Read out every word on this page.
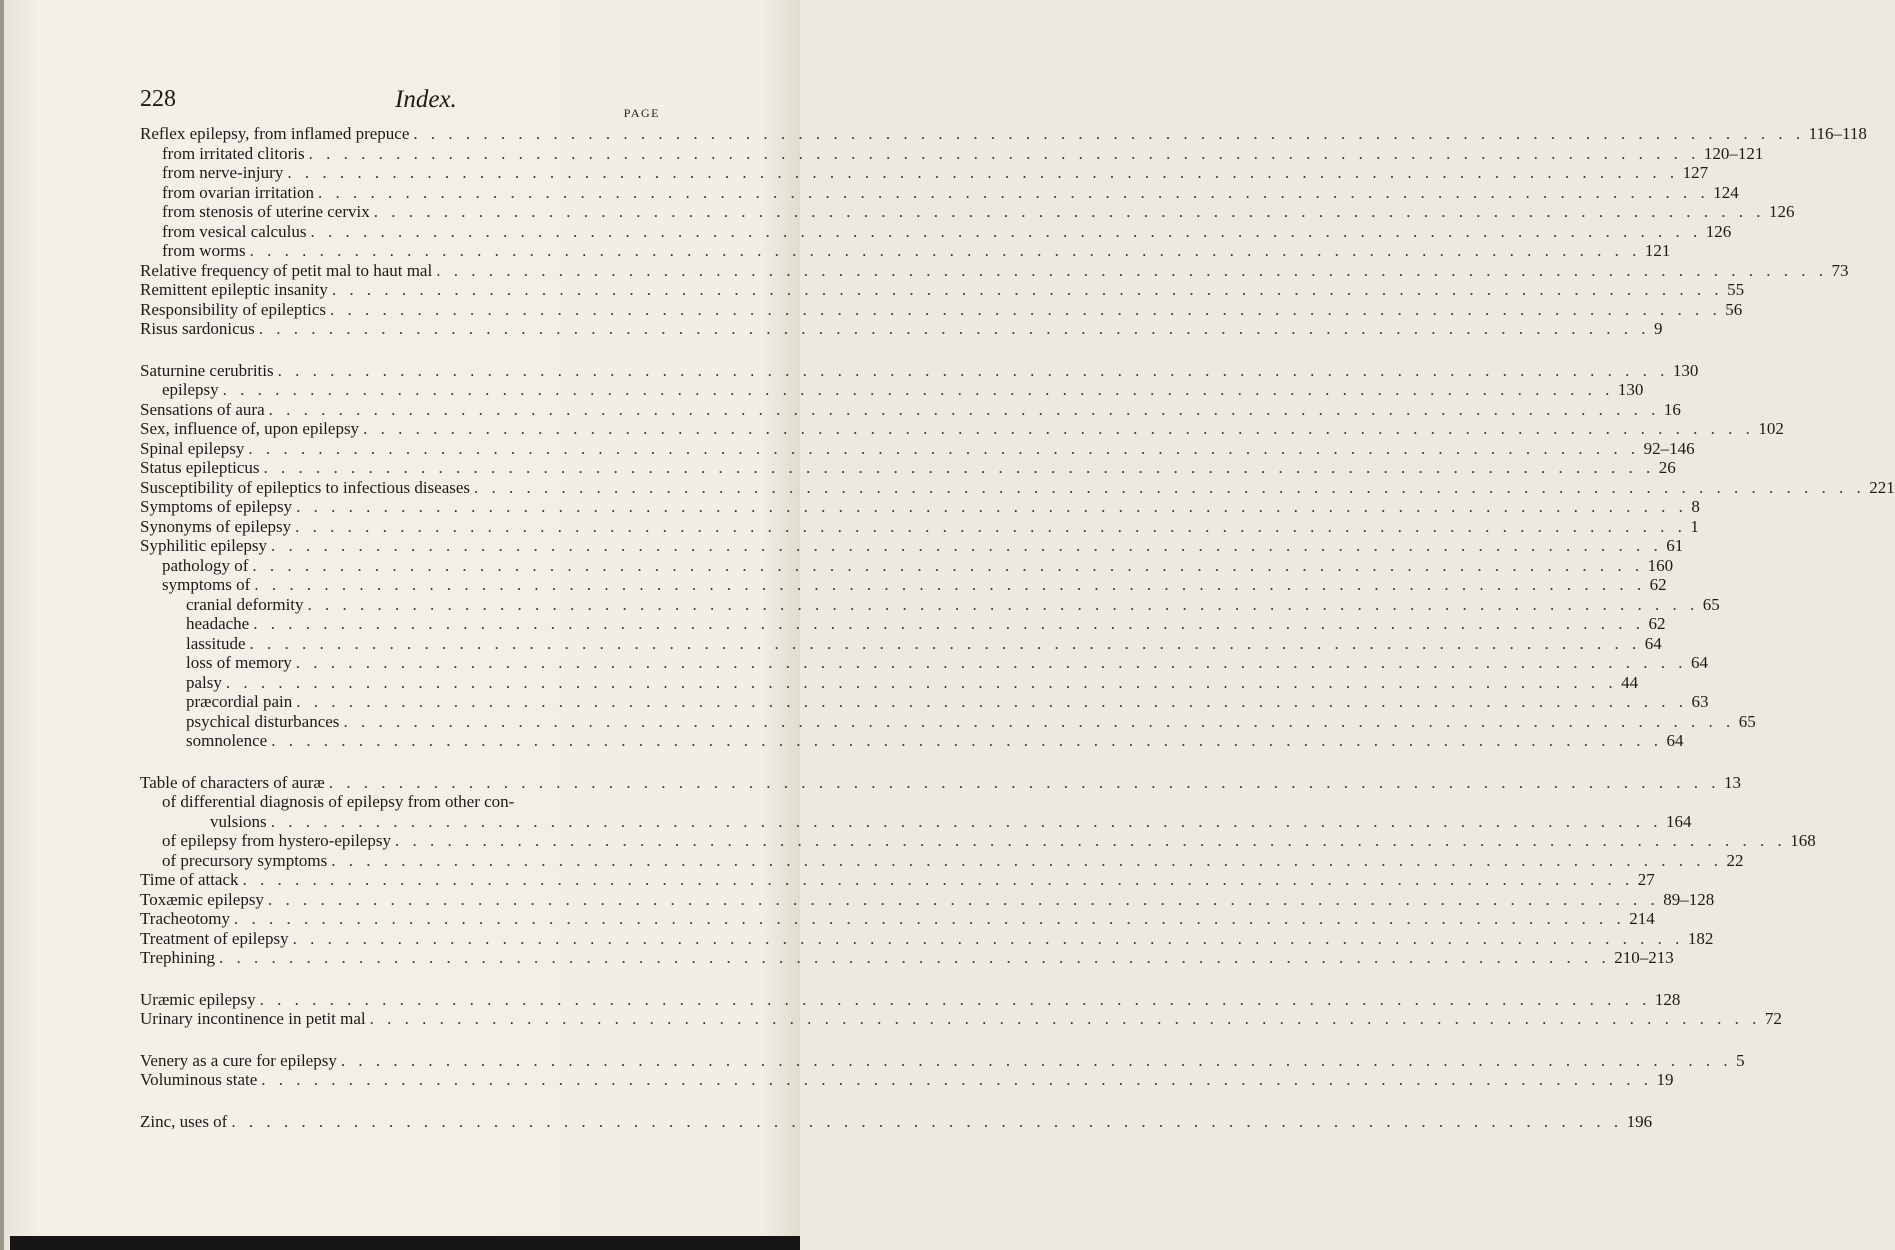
228	Index.	PAGE
Reflex epilepsy, from inflamed prepuce . . . . . . . . . . . . . . . . . . . . . . . . . . . . . . . . . . . . . . . . . . . . . . . . . . . . . . . . . . . . . . . . . . . . . . . . . . . . . . . . 116–118
from irritated clitoris . . . . . . . . . . . . . . . . . . . . . . . . . . . . . . . . . . . . . . . . . . . . . . . . . . . . . . . . . . . . . . . . . . . . . . . . . . . . . . . . 120–121
from nerve-injury . . . . . . . . . . . . . . . . . . . . . . . . . . . . . . . . . . . . . . . . . . . . . . . . . . . . . . . . . . . . . . . . . . . . . . . . . . . . . . . . 127
from ovarian irritation . . . . . . . . . . . . . . . . . . . . . . . . . . . . . . . . . . . . . . . . . . . . . . . . . . . . . . . . . . . . . . . . . . . . . . . . . . . . . . . . 124
from stenosis of uterine cervix . . . . . . . . . . . . . . . . . . . . . . . . . . . . . . . . . . . . . . . . . . . . . . . . . . . . . . . . . . . . . . . . . . . . . . . . . . . . . . . . 126
from vesical calculus . . . . . . . . . . . . . . . . . . . . . . . . . . . . . . . . . . . . . . . . . . . . . . . . . . . . . . . . . . . . . . . . . . . . . . . . . . . . . . . . 126
from worms . . . . . . . . . . . . . . . . . . . . . . . . . . . . . . . . . . . . . . . . . . . . . . . . . . . . . . . . . . . . . . . . . . . . . . . . . . . . . . . . 121
Relative frequency of petit mal to haut mal . . . . . . . . . . . . . . . . . . . . . . . . . . . . . . . . . . . . . . . . . . . . . . . . . . . . . . . . . . . . . . . . . . . . . . . . . . . . . . . . 73
Remittent epileptic insanity . . . . . . . . . . . . . . . . . . . . . . . . . . . . . . . . . . . . . . . . . . . . . . . . . . . . . . . . . . . . . . . . . . . . . . . . . . . . . . . . 55
Responsibility of epileptics . . . . . . . . . . . . . . . . . . . . . . . . . . . . . . . . . . . . . . . . . . . . . . . . . . . . . . . . . . . . . . . . . . . . . . . . . . . . . . . . 56
Risus sardonicus . . . . . . . . . . . . . . . . . . . . . . . . . . . . . . . . . . . . . . . . . . . . . . . . . . . . . . . . . . . . . . . . . . . . . . . . . . . . . . . . 9
Saturnine cerubritis . . . . . . . . . . . . . . . . . . . . . . . . . . . . . . . . . . . . . . . . . . . . . . . . . . . . . . . . . . . . . . . . . . . . . . . . . . . . . . . . 130
epilepsy . . . . . . . . . . . . . . . . . . . . . . . . . . . . . . . . . . . . . . . . . . . . . . . . . . . . . . . . . . . . . . . . . . . . . . . . . . . . . . . . 130
Sensations of aura . . . . . . . . . . . . . . . . . . . . . . . . . . . . . . . . . . . . . . . . . . . . . . . . . . . . . . . . . . . . . . . . . . . . . . . . . . . . . . . . 16
Sex, influence of, upon epilepsy . . . . . . . . . . . . . . . . . . . . . . . . . . . . . . . . . . . . . . . . . . . . . . . . . . . . . . . . . . . . . . . . . . . . . . . . . . . . . . . . 102
Spinal epilepsy . . . . . . . . . . . . . . . . . . . . . . . . . . . . . . . . . . . . . . . . . . . . . . . . . . . . . . . . . . . . . . . . . . . . . . . . . . . . . . . . 92–146
Status epilepticus . . . . . . . . . . . . . . . . . . . . . . . . . . . . . . . . . . . . . . . . . . . . . . . . . . . . . . . . . . . . . . . . . . . . . . . . . . . . . . . . 26
Susceptibility of epileptics to infectious diseases . . . . . . . . . . . . . . . . . . . . . . . . . . . . . . . . . . . . . . . . . . . . . . . . . . . . . . . . . . . . . . . . . . . . . . . . . . . . . . . . 221
Symptoms of epilepsy . . . . . . . . . . . . . . . . . . . . . . . . . . . . . . . . . . . . . . . . . . . . . . . . . . . . . . . . . . . . . . . . . . . . . . . . . . . . . . . . 8
Synonyms of epilepsy . . . . . . . . . . . . . . . . . . . . . . . . . . . . . . . . . . . . . . . . . . . . . . . . . . . . . . . . . . . . . . . . . . . . . . . . . . . . . . . . 1
Syphilitic epilepsy . . . . . . . . . . . . . . . . . . . . . . . . . . . . . . . . . . . . . . . . . . . . . . . . . . . . . . . . . . . . . . . . . . . . . . . . . . . . . . . . 61
pathology of . . . . . . . . . . . . . . . . . . . . . . . . . . . . . . . . . . . . . . . . . . . . . . . . . . . . . . . . . . . . . . . . . . . . . . . . . . . . . . . . 160
symptoms of . . . . . . . . . . . . . . . . . . . . . . . . . . . . . . . . . . . . . . . . . . . . . . . . . . . . . . . . . . . . . . . . . . . . . . . . . . . . . . . . 62
cranial deformity . . . . . . . . . . . . . . . . . . . . . . . . . . . . . . . . . . . . . . . . . . . . . . . . . . . . . . . . . . . . . . . . . . . . . . . . . . . . . . . . 65
headache . . . . . . . . . . . . . . . . . . . . . . . . . . . . . . . . . . . . . . . . . . . . . . . . . . . . . . . . . . . . . . . . . . . . . . . . . . . . . . . . 62
lassitude . . . . . . . . . . . . . . . . . . . . . . . . . . . . . . . . . . . . . . . . . . . . . . . . . . . . . . . . . . . . . . . . . . . . . . . . . . . . . . . . 64
loss of memory . . . . . . . . . . . . . . . . . . . . . . . . . . . . . . . . . . . . . . . . . . . . . . . . . . . . . . . . . . . . . . . . . . . . . . . . . . . . . . . . 64
palsy . . . . . . . . . . . . . . . . . . . . . . . . . . . . . . . . . . . . . . . . . . . . . . . . . . . . . . . . . . . . . . . . . . . . . . . . . . . . . . . . 44
præcordial pain . . . . . . . . . . . . . . . . . . . . . . . . . . . . . . . . . . . . . . . . . . . . . . . . . . . . . . . . . . . . . . . . . . . . . . . . . . . . . . . . 63
psychical disturbances . . . . . . . . . . . . . . . . . . . . . . . . . . . . . . . . . . . . . . . . . . . . . . . . . . . . . . . . . . . . . . . . . . . . . . . . . . . . . . . . 65
somnolence . . . . . . . . . . . . . . . . . . . . . . . . . . . . . . . . . . . . . . . . . . . . . . . . . . . . . . . . . . . . . . . . . . . . . . . . . . . . . . . . 64
Table of characters of auræ . . . . . . . . . . . . . . . . . . . . . . . . . . . . . . . . . . . . . . . . . . . . . . . . . . . . . . . . . . . . . . . . . . . . . . . . . . . . . . . . 13
of differential diagnosis of epilepsy from other con-
vulsions . . . . . . . . . . . . . . . . . . . . . . . . . . . . . . . . . . . . . . . . . . . . . . . . . . . . . . . . . . . . . . . . . . . . . . . . . . . . . . . . 164
of epilepsy from hystero-epilepsy . . . . . . . . . . . . . . . . . . . . . . . . . . . . . . . . . . . . . . . . . . . . . . . . . . . . . . . . . . . . . . . . . . . . . . . . . . . . . . . . 168
of precursory symptoms . . . . . . . . . . . . . . . . . . . . . . . . . . . . . . . . . . . . . . . . . . . . . . . . . . . . . . . . . . . . . . . . . . . . . . . . . . . . . . . . 22
Time of attack . . . . . . . . . . . . . . . . . . . . . . . . . . . . . . . . . . . . . . . . . . . . . . . . . . . . . . . . . . . . . . . . . . . . . . . . . . . . . . . . 27
Toxæmic epilepsy . . . . . . . . . . . . . . . . . . . . . . . . . . . . . . . . . . . . . . . . . . . . . . . . . . . . . . . . . . . . . . . . . . . . . . . . . . . . . . . . 89–128
Tracheotomy . . . . . . . . . . . . . . . . . . . . . . . . . . . . . . . . . . . . . . . . . . . . . . . . . . . . . . . . . . . . . . . . . . . . . . . . . . . . . . . . 214
Treatment of epilepsy . . . . . . . . . . . . . . . . . . . . . . . . . . . . . . . . . . . . . . . . . . . . . . . . . . . . . . . . . . . . . . . . . . . . . . . . . . . . . . . . 182
Trephining . . . . . . . . . . . . . . . . . . . . . . . . . . . . . . . . . . . . . . . . . . . . . . . . . . . . . . . . . . . . . . . . . . . . . . . . . . . . . . . . 210–213
Uræmic epilepsy . . . . . . . . . . . . . . . . . . . . . . . . . . . . . . . . . . . . . . . . . . . . . . . . . . . . . . . . . . . . . . . . . . . . . . . . . . . . . . . . 128
Urinary incontinence in petit mal . . . . . . . . . . . . . . . . . . . . . . . . . . . . . . . . . . . . . . . . . . . . . . . . . . . . . . . . . . . . . . . . . . . . . . . . . . . . . . . . 72
Venery as a cure for epilepsy . . . . . . . . . . . . . . . . . . . . . . . . . . . . . . . . . . . . . . . . . . . . . . . . . . . . . . . . . . . . . . . . . . . . . . . . . . . . . . . . 5
Voluminous state . . . . . . . . . . . . . . . . . . . . . . . . . . . . . . . . . . . . . . . . . . . . . . . . . . . . . . . . . . . . . . . . . . . . . . . . . . . . . . . . 19
Zinc, uses of . . . . . . . . . . . . . . . . . . . . . . . . . . . . . . . . . . . . . . . . . . . . . . . . . . . . . . . . . . . . . . . . . . . . . . . . . . . . . . . . 196
